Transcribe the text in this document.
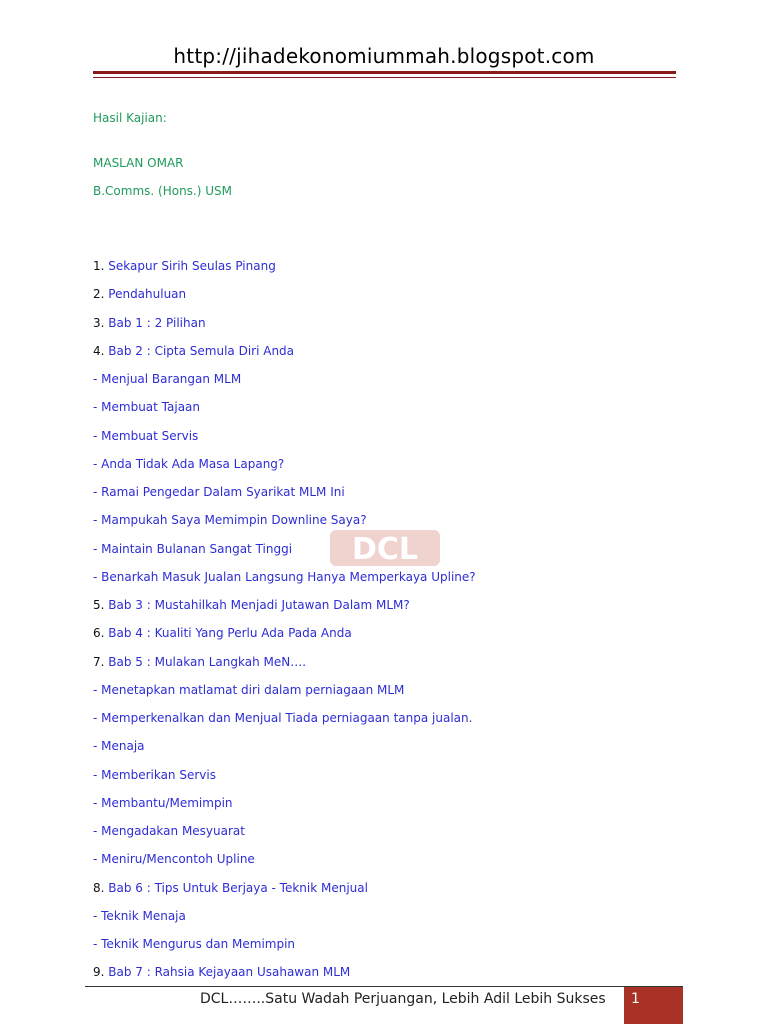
http://jihadekonomiummah.blogspot.com
Hasil Kajian:
MASLAN OMAR
B.Comms. (Hons.) USM
DCL
1. Sekapur Sirih Seulas Pinang
2. Pendahuluan
3. Bab 1 : 2 Pilihan
4. Bab 2 : Cipta Semula Diri Anda
- Menjual Barangan MLM
- Membuat Tajaan
- Membuat Servis
- Anda Tidak Ada Masa Lapang?
- Ramai Pengedar Dalam Syarikat MLM Ini
- Mampukah Saya Memimpin Downline Saya?
- Maintain Bulanan Sangat Tinggi
- Benarkah Masuk Jualan Langsung Hanya Memperkaya Upline?
5. Bab 3 : Mustahilkah Menjadi Jutawan Dalam MLM?
6. Bab 4 : Kualiti Yang Perlu Ada Pada Anda
7. Bab 5 : Mulakan Langkah MeN….
- Menetapkan matlamat diri dalam perniagaan MLM
- Memperkenalkan dan Menjual Tiada perniagaan tanpa jualan.
- Menaja
- Memberikan Servis
- Membantu/Memimpin
- Mengadakan Mesyuarat
- Meniru/Mencontoh Upline
8. Bab 6 : Tips Untuk Berjaya - Teknik Menjual
- Teknik Menaja
- Teknik Mengurus dan Memimpin
9. Bab 7 : Rahsia Kejayaan Usahawan MLM
DCL……..Satu Wadah Perjuangan, Lebih Adil Lebih Sukses 1
